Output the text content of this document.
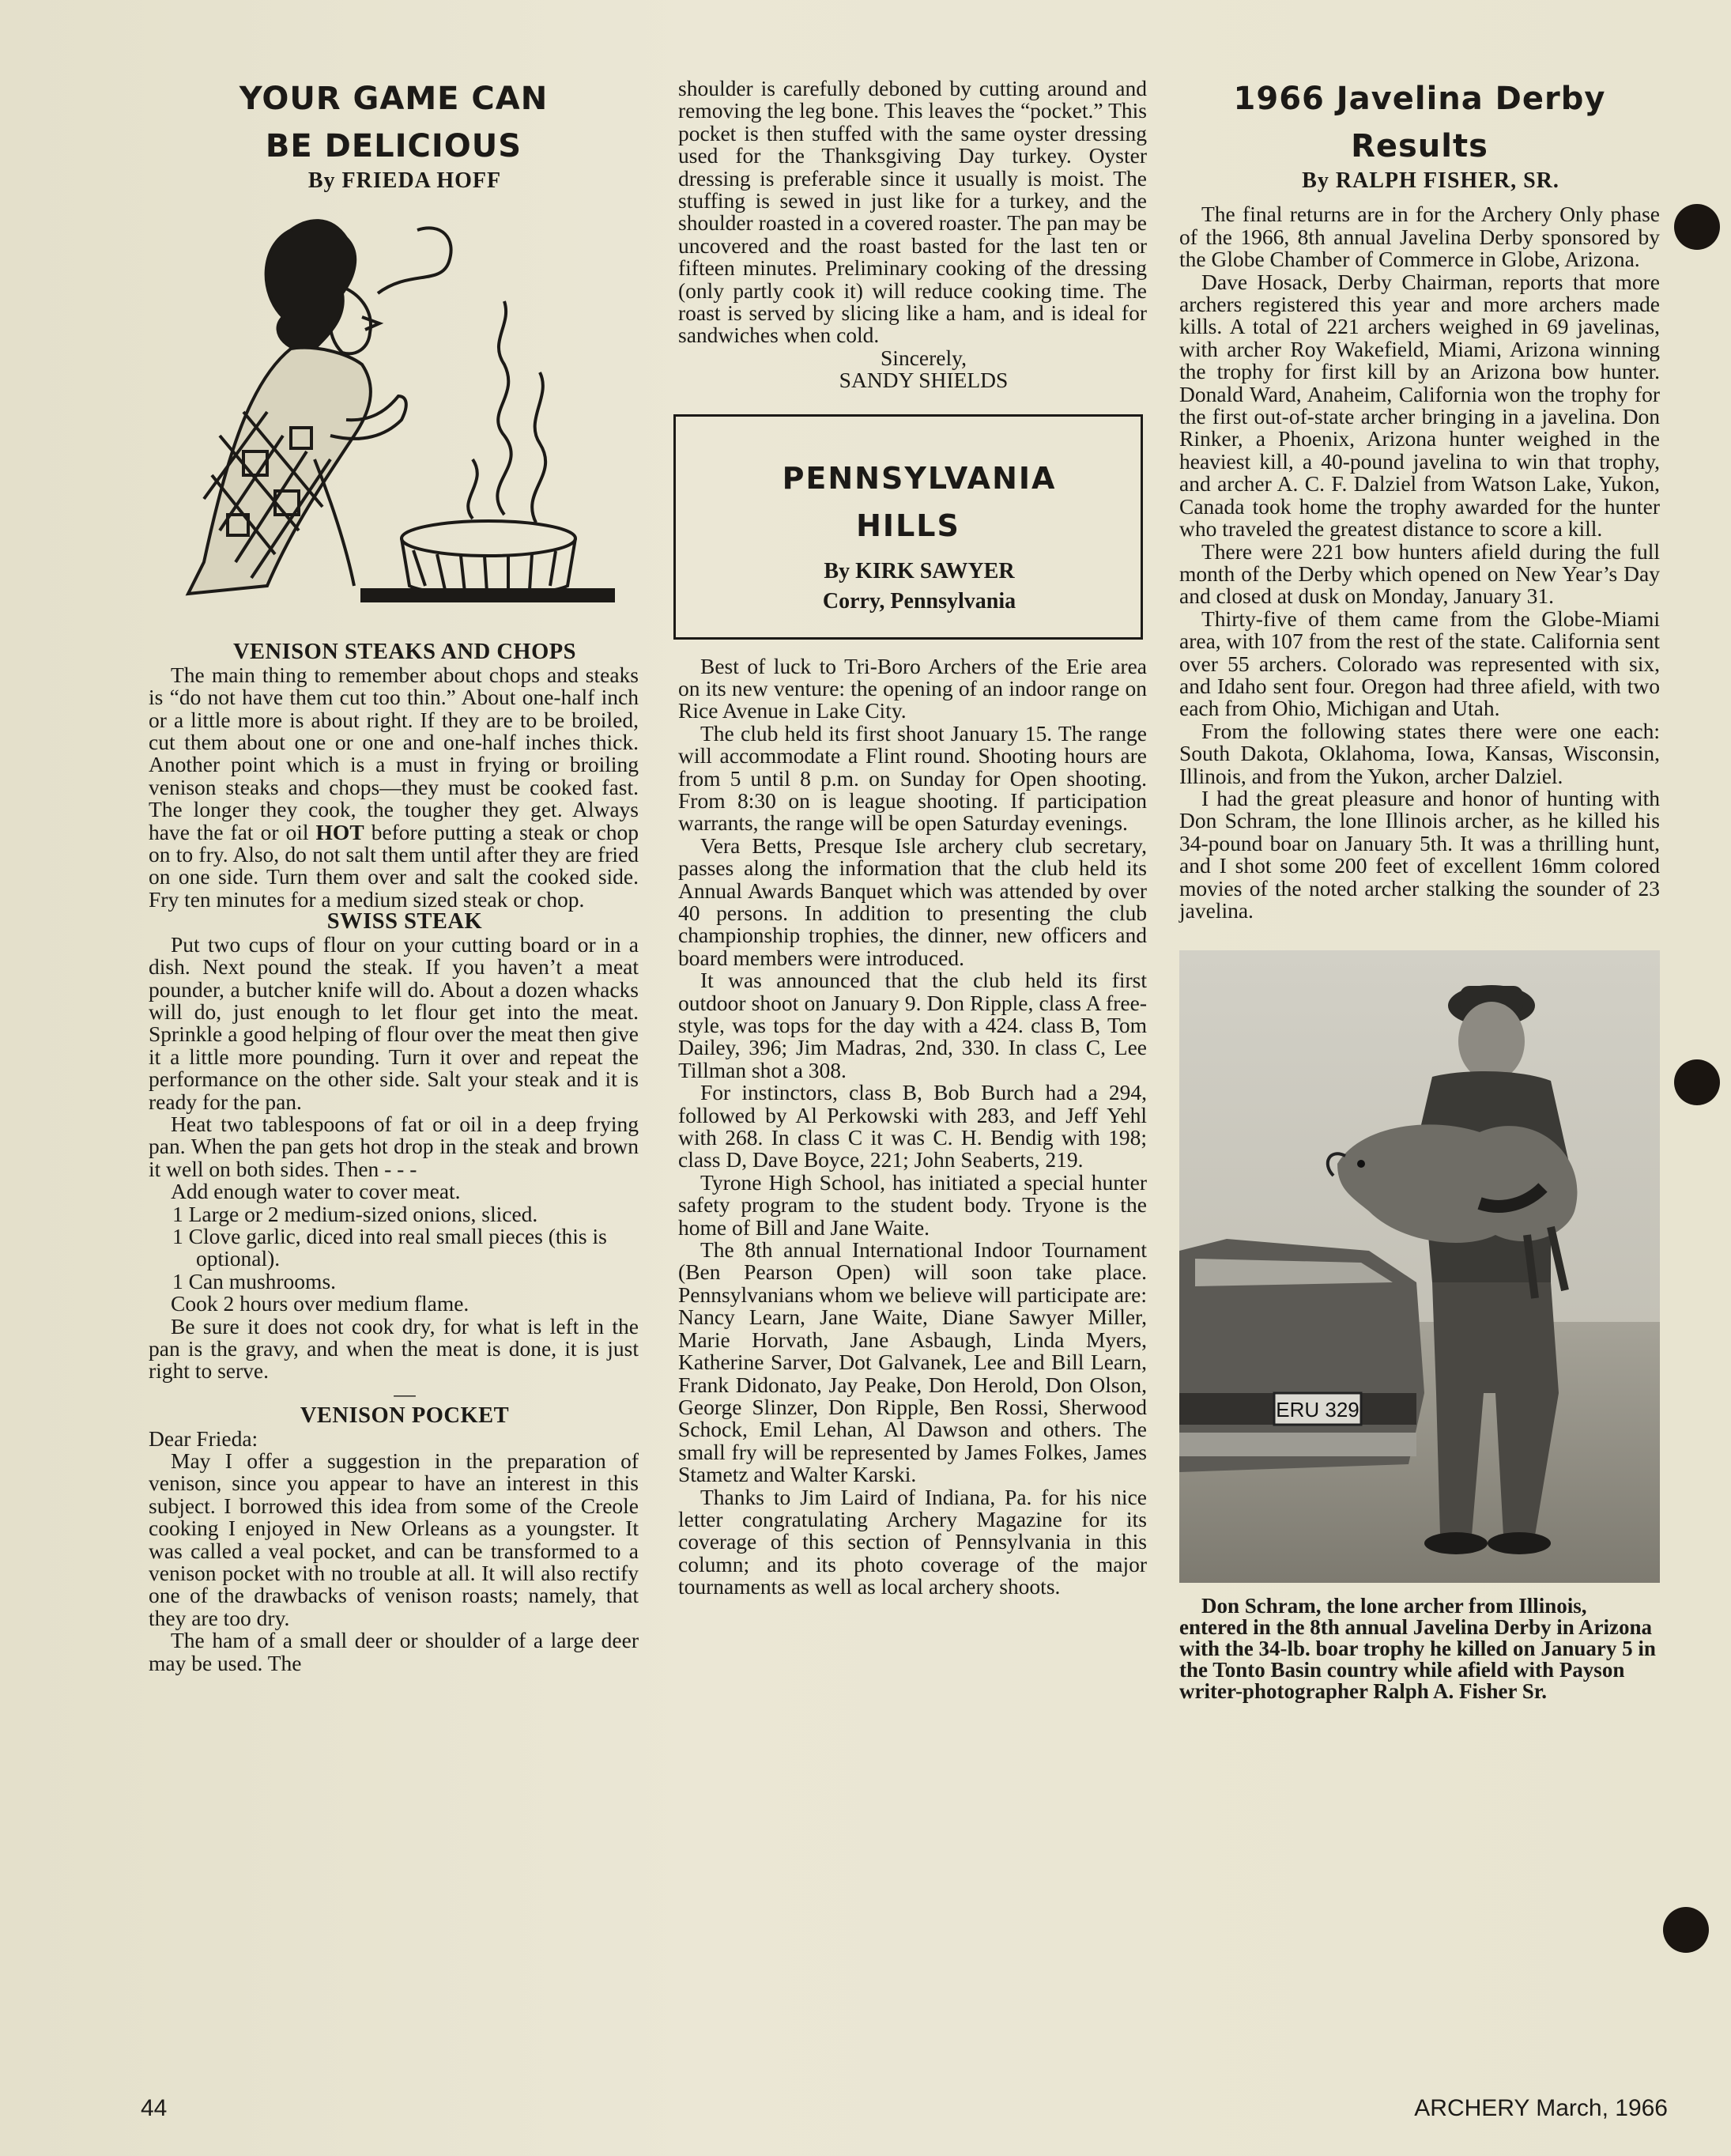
YOUR GAME CAN
BE DELICIOUS

By FRIEDA HOFF

VENISON STEAKS AND CHOPS

The main thing to remember about chops and steaks is “do not have them cut too thin.” About one-half inch or a little more is about right. If they are to be broiled, cut them about one or one and one-half inches thick. Another point which is a must in frying or broiling venison steaks and chops—they must be cooked fast. The longer they cook, the tougher they get. Always have the fat or oil HOT before putting a steak or chop on to fry. Also, do not salt them until after they are fried on one side. Turn them over and salt the cooked side. Fry ten minutes for a medium sized steak or chop.

SWISS STEAK

Put two cups of flour on your cutting board or in a dish. Next pound the steak. If you haven’t a meat pounder, a butcher knife will do. About a dozen whacks will do, just enough to let flour get into the meat. Sprinkle a good helping of flour over the meat then give it a little more pounding. Turn it over and repeat the performance on the other side. Salt your steak and it is ready for the pan.

Heat two tablespoons of fat or oil in a deep frying pan. When the pan gets hot drop in the steak and brown it well on both sides. Then - - -

Add enough water to cover meat.

1 Large or 2 medium-sized onions, sliced.
1 Clove garlic, diced into real small pieces (this is optional).
1 Can mushrooms.

Cook 2 hours over medium flame.

Be sure it does not cook dry, for what is left in the pan is the gravy, and when the meat is done, it is just right to serve.

—

VENISON POCKET

Dear Frieda:

May I offer a suggestion in the preparation of venison, since you appear to have an interest in this subject. I borrowed this idea from some of the Creole cooking I enjoyed in New Orleans as a youngster. It was called a veal pocket, and can be transformed to a venison pocket with no trouble at all. It will also rectify one of the drawbacks of venison roasts; namely, that they are too dry.

The ham of a small deer or shoulder of a large deer may be used. The

shoulder is carefully deboned by cutting around and removing the leg bone. This leaves the “pocket.” This pocket is then stuffed with the same oyster dressing used for the Thanksgiving Day turkey. Oyster dressing is preferable since it usually is moist. The stuffing is sewed in just like for a turkey, and the shoulder roasted in a covered roaster. The pan may be uncovered and the roast basted for the last ten or fifteen minutes. Preliminary cooking of the dressing (only partly cook it) will reduce cooking time. The roast is served by slicing like a ham, and is ideal for sandwiches when cold.

Sincerely,

SANDY SHIELDS

PENNSYLVANIA
HILLS

By KIRK SAWYER

Corry, Pennsylvania

Best of luck to Tri-Boro Archers of the Erie area on its new venture: the opening of an indoor range on Rice Avenue in Lake City.

The club held its first shoot January 15. The range will accommodate a Flint round. Shooting hours are from 5 until 8 p.m. on Sunday for Open shooting. From 8:30 on is league shooting. If participation warrants, the range will be open Saturday evenings.

Vera Betts, Presque Isle archery club secretary, passes along the information that the club held its Annual Awards Banquet which was attended by over 40 persons. In addition to presenting the club championship trophies, the dinner, new officers and board members were introduced.

It was announced that the club held its first outdoor shoot on January 9. Don Ripple, class A free-style, was tops for the day with a 424. class B, Tom Dailey, 396; Jim Madras, 2nd, 330. In class C, Lee Tillman shot a 308.

For instinctors, class B, Bob Burch had a 294, followed by Al Perkowski with 283, and Jeff Yehl with 268. In class C it was C. H. Bendig with 198; class D, Dave Boyce, 221; John Seaberts, 219.

Tyrone High School, has initiated a special hunter safety program to the student body. Tryone is the home of Bill and Jane Waite.

The 8th annual International Indoor Tournament (Ben Pearson Open) will soon take place. Pennsylvanians whom we believe will participate are: Nancy Learn, Jane Waite, Diane Sawyer Miller, Marie Horvath, Jane Asbaugh, Linda Myers, Katherine Sarver, Dot Galvanek, Lee and Bill Learn, Frank Didonato, Jay Peake, Don Herold, Don Olson, George Slinzer, Don Ripple, Ben Rossi, Sherwood Schock, Emil Lehan, Al Dawson and others. The small fry will be represented by James Folkes, James Stametz and Walter Karski.

Thanks to Jim Laird of Indiana, Pa. for his nice letter congratulating Archery Magazine for its coverage of this section of Pennsylvania in this column; and its photo coverage of the major tournaments as well as local archery shoots.

1966 Javelina Derby
Results

By RALPH FISHER, SR.

The final returns are in for the Archery Only phase of the 1966, 8th annual Javelina Derby sponsored by the Globe Chamber of Commerce in Globe, Arizona.

Dave Hosack, Derby Chairman, reports that more archers registered this year and more archers made kills. A total of 221 archers weighed in 69 javelinas, with archer Roy Wakefield, Miami, Arizona winning the trophy for first kill by an Arizona bow hunter. Donald Ward, Anaheim, California won the trophy for the first out-of-state archer bringing in a javelina. Don Rinker, a Phoenix, Arizona hunter weighed in the heaviest kill, a 40-pound javelina to win that trophy, and archer A. C. F. Dalziel from Watson Lake, Yukon, Canada took home the trophy awarded for the hunter who traveled the greatest distance to score a kill.

There were 221 bow hunters afield during the full month of the Derby which opened on New Year’s Day and closed at dusk on Monday, January 31.

Thirty-five of them came from the Globe-Miami area, with 107 from the rest of the state. California sent over 55 archers. Colorado was represented with six, and Idaho sent four. Oregon had three afield, with two each from Ohio, Michigan and Utah.

From the following states there were one each: South Dakota, Oklahoma, Iowa, Kansas, Wisconsin, Illinois, and from the Yukon, archer Dalziel.

I had the great pleasure and honor of hunting with Don Schram, the lone Illinois archer, as he killed his 34-pound boar on January 5th. It was a thrilling hunt, and I shot some 200 feet of excellent 16mm colored movies of the noted archer stalking the sounder of 23 javelina.

ERU 329

Don Schram, the lone archer from Illinois, entered in the 8th annual Javelina Derby in Arizona with the 34-lb. boar trophy he killed on January 5 in the Tonto Basin country while afield with Payson writer-photographer Ralph A. Fisher Sr.

44	ARCHERY March, 1966
